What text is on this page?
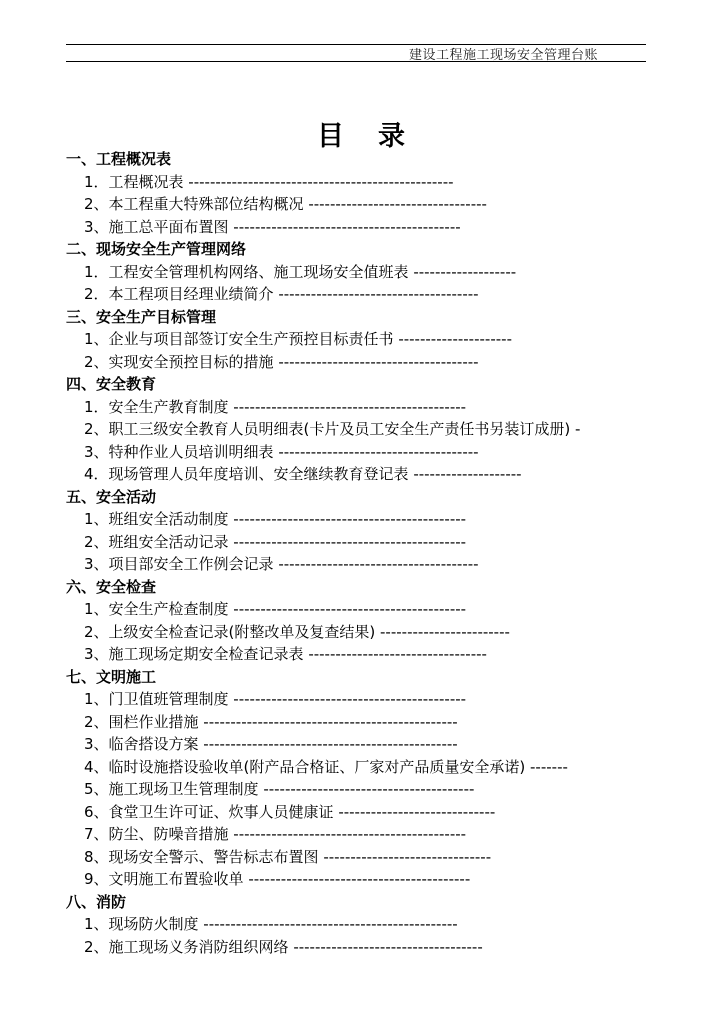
建设工程施工现场安全管理台账
目 录
一、工程概况表
1．工程概况表 -------------------------------------------------
2、本工程重大特殊部位结构概况 ---------------------------------
3、施工总平面布置图 ------------------------------------------
二、现场安全生产管理网络
1．工程安全管理机构网络、施工现场安全值班表 -------------------
2．本工程项目经理业绩简介 -------------------------------------
三、安全生产目标管理
1、企业与项目部签订安全生产预控目标责任书 ---------------------
2、实现安全预控目标的措施 -------------------------------------
四、安全教育
1．安全生产教育制度 -------------------------------------------
2、职工三级安全教育人员明细表(卡片及员工安全生产责任书另装订成册) -
3、特种作业人员培训明细表 -------------------------------------
4．现场管理人员年度培训、安全继续教育登记表 --------------------
五、安全活动
1、班组安全活动制度 -------------------------------------------
2、班组安全活动记录 -------------------------------------------
3、项目部安全工作例会记录 -------------------------------------
六、安全检查
1、安全生产检查制度 -------------------------------------------
2、上级安全检查记录(附整改单及复查结果) ------------------------
3、施工现场定期安全检查记录表 ---------------------------------
七、文明施工
1、门卫值班管理制度 -------------------------------------------
2、围栏作业措施 -----------------------------------------------
3、临舍搭设方案 -----------------------------------------------
4、临时设施搭设验收单(附产品合格证、厂家对产品质量安全承诺) -------
5、施工现场卫生管理制度 ---------------------------------------
6、食堂卫生许可证、炊事人员健康证 -----------------------------
7、防尘、防噪音措施 -------------------------------------------
8、现场安全警示、警告标志布置图 -------------------------------
9、文明施工布置验收单 -----------------------------------------
八、消防
1、现场防火制度 -----------------------------------------------
2、施工现场义务消防组织网络 -----------------------------------
